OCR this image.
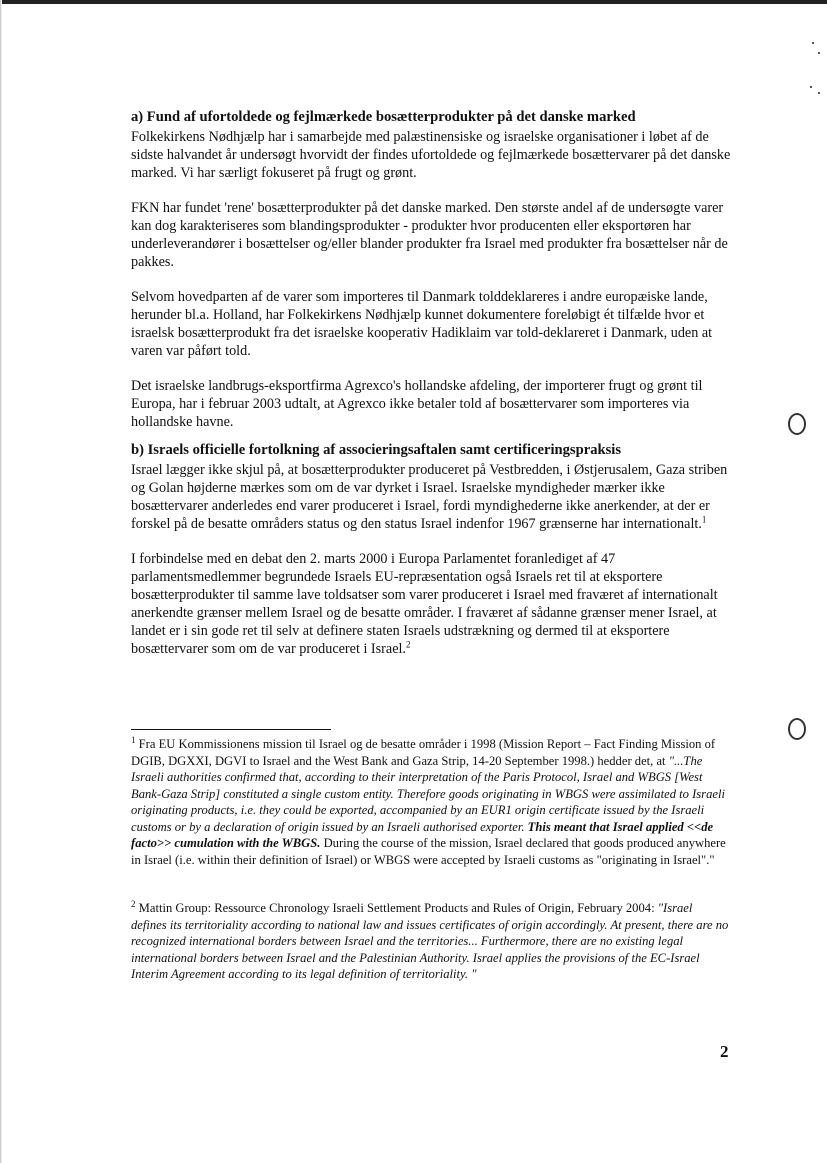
a) Fund af ufortoldede og fejlmærkede bosætterprodukter på det danske marked
Folkekirkens Nødhjælp har i samarbejde med palæstinensiske og israelske organisationer i løbet af de sidste halvandet år undersøgt hvorvidt der findes ufortoldede og fejlmærkede bosættervarer på det danske marked. Vi har særligt fokuseret på frugt og grønt.
FKN har fundet 'rene' bosætterprodukter på det danske marked. Den største andel af de undersøgte varer kan dog karakteriseres som blandingsprodukter - produkter hvor producenten eller eksportøren har underleverandører i bosættelser og/eller blander produkter fra Israel med produkter fra bosættelser når de pakkes.
Selvom hovedparten af de varer som importeres til Danmark tolddeklareres i andre europæiske lande, herunder bl.a. Holland, har Folkekirkens Nødhjælp kunnet dokumentere foreløbigt ét tilfælde hvor et israelsk bosætterprodukt fra det israelske kooperativ Hadiklaim var told-deklareret i Danmark, uden at varen var påført told.
Det israelske landbrugs-eksportfirma Agrexco's hollandske afdeling, der importerer frugt og grønt til Europa, har i februar 2003 udtalt, at Agrexco ikke betaler told af bosættervarer som importeres via hollandske havne.
b) Israels officielle fortolkning af associeringsaftalen samt certificeringspraksis
Israel lægger ikke skjul på, at bosætterprodukter produceret på Vestbredden, i Østjerusalem, Gaza striben og Golan højderne mærkes som om de var dyrket i Israel. Israelske myndigheder mærker ikke bosættervarer anderledes end varer produceret i Israel, fordi myndighederne ikke anerkender, at der er forskel på de besatte områders status og den status Israel indenfor 1967 grænserne har internationalt.$^1$
I forbindelse med en debat den 2. marts 2000 i Europa Parlamentet foranlediget af 47 parlamentsmedlemmer begrundede Israels EU-repræsentation også Israels ret til at eksportere bosætterprodukter til samme lave toldsatser som varer produceret i Israel med fraværet af internationalt anerkendte grænser mellem Israel og de besatte områder. I fraværet af sådanne grænser mener Israel, at landet er i sin gode ret til selv at definere staten Israels udstrækning og dermed til at eksportere bosættervarer som om de var produceret i Israel.$^2$
$^1$ Fra EU Kommissionens mission til Israel og de besatte områder i 1998 (Mission Report – Fact Finding Mission of DGIB, DGXXI, DGVI to Israel and the West Bank and Gaza Strip, 14-20 September 1998.) hedder det, at "...The Israeli authorities confirmed that, according to their interpretation of the Paris Protocol, Israel and WBGS [West Bank-Gaza Strip] constituted a single custom entity. Therefore goods originating in WBGS were assimilated to Israeli originating products, i.e. they could be exported, accompanied by an EUR1 origin certificate issued by the Israeli customs or by a declaration of origin issued by an Israeli authorised exporter. This meant that Israel applied <<de facto>> cumulation with the WBGS. During the course of the mission, Israel declared that goods produced anywhere in Israel (i.e. within their definition of Israel) or WBGS were accepted by Israeli customs as "originating in Israel"."
$^2$ Mattin Group: Ressource Chronology Israeli Settlement Products and Rules of Origin, February 2004: "Israel defines its territoriality according to national law and issues certificates of origin accordingly. At present, there are no recognized international borders between Israel and the territories... Furthermore, there are no existing legal international borders between Israel and the Palestinian Authority. Israel applies the provisions of the EC-Israel Interim Agreement according to its legal definition of territoriality. "
2
